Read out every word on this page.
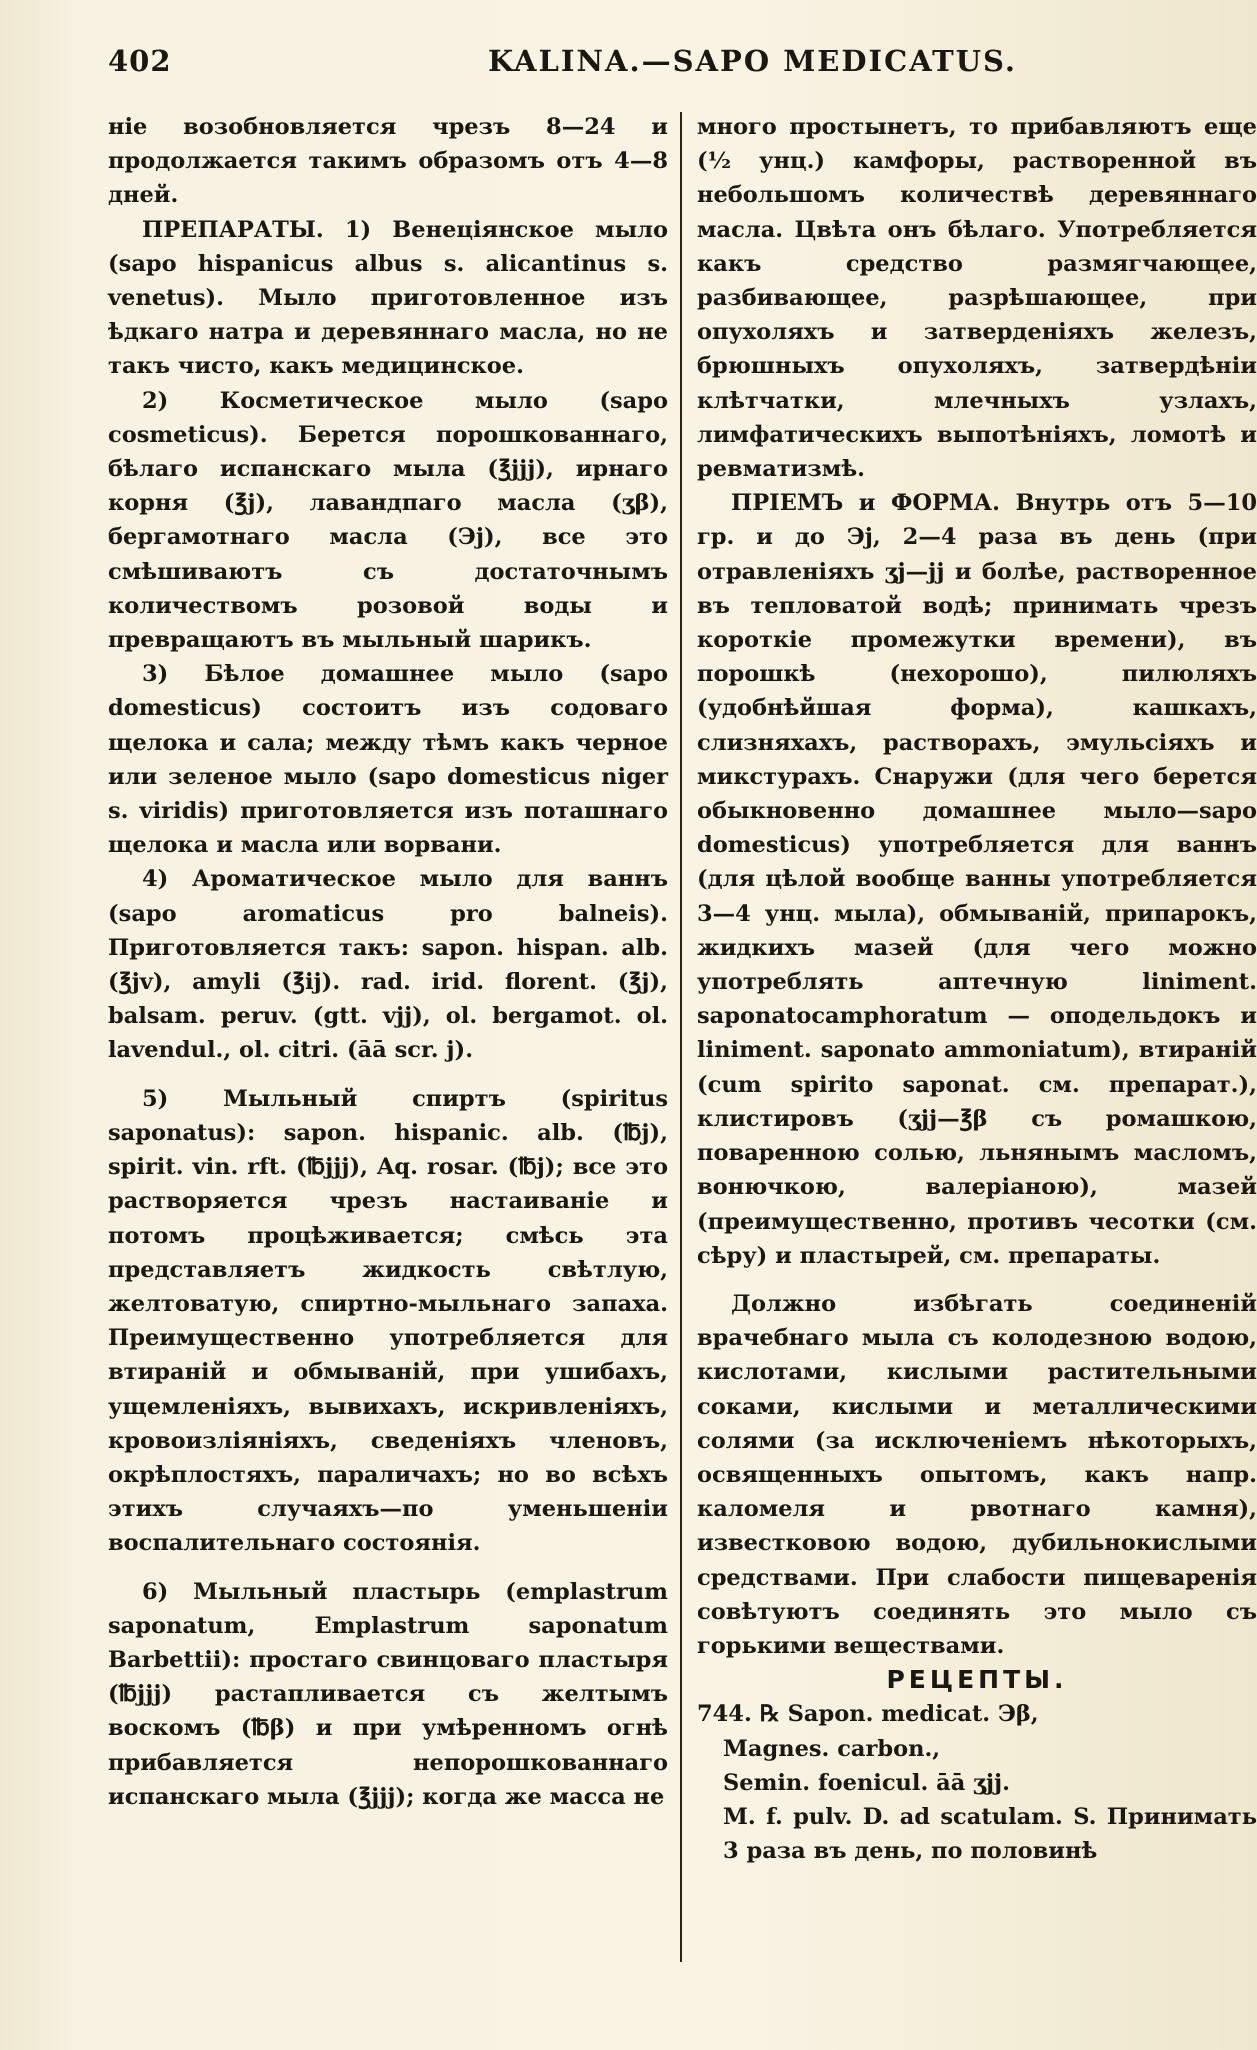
402	KALINA.—SAPO MEDICATUS.

ніе возобновляется чрезъ 8—24 и продолжается такимъ образомъ отъ 4—8 дней.

ПРЕПАРАТЫ. 1) Венеціянское мыло (sapo hispanicus albus s. alicantinus s. venetus). Мыло приготовленное изъ ѣдкаго натра и деревяннаго масла, но не такъ чисто, какъ медицинское.

2) Косметическое мыло (sapo cosmeticus). Берется порошкованнаго, бѣлаго испанскаго мыла (℥jjj), ирнаго корня (℥j), лавандпаго масла (ʒβ), бергамотнаго масла (Эj), все это смѣшиваютъ съ достаточнымъ количествомъ розовой воды и превращаютъ въ мыльный шарикъ.

3) Бѣлое домашнее мыло (sapo domesticus) состоитъ изъ содоваго щелока и сала; между тѣмъ какъ черное или зеленое мыло (sapo domesticus niger s. viridis) приготовляется изъ поташнаго щелока и масла или ворвани.

4) Ароматическое мыло для ваннъ (sapo aromaticus pro balneis). Приготовляется такъ: sapon. hispan. alb. (℥jv), amyli (℥ij). rad. irid. florent. (℥j), balsam. peruv. (gtt. vjj), ol. bergamot. ol. lavendul., ol. citri. (āā scr. j).

5) Мыльный спиртъ (spiritus saponatus): sapon. hispanic. alb. (℔j), spirit. vin. rft. (℔jjj), Aq. rosar. (℔j); все это растворяется чрезъ настаиваніе и потомъ процѣживается; смѣсь эта представляетъ жидкость свѣтлую, желтоватую, спиртно-мыльнаго запаха. Преимущественно употребляется для втираній и обмываній, при ушибахъ, ущемленіяхъ, вывихахъ, искривленіяхъ, кровоизліяніяхъ, сведеніяхъ членовъ, окрѣплостяхъ, параличахъ; но во всѣхъ этихъ случаяхъ—по уменьшеніи воспалительнаго состоянія.

6) Мыльный пластырь (emplastrum saponatum, Emplastrum saponatum Barbettii): простаго свинцоваго пластыря (℔jjj) растапливается съ желтымъ воскомъ (℔β) и при умѣренномъ огнѣ прибавляется непорошкованнаго испанскаго мыла (℥jjj); когда же масса не

много простынетъ, то прибавляютъ еще (½ унц.) камфоры, растворенной въ небольшомъ количествѣ деревяннаго масла. Цвѣта онъ бѣлаго. Употребляется какъ средство размягчающее, разбивающее, разрѣшающее, при опухоляхъ и затверденіяхъ железъ, брюшныхъ опухоляхъ, затвердѣніи клѣтчатки, млечныхъ узлахъ, лимфатическихъ выпотѣніяхъ, ломотѣ и ревматизмѣ.

ПРІЕМЪ и ФОРМА. Внутрь отъ 5—10 гр. и до Эj, 2—4 раза въ день (при отравленіяхъ ʒj—jj и болѣе, растворенное въ тепловатой водѣ; принимать чрезъ короткіе промежутки времени), въ порошкѣ (нехорошо), пилюляхъ (удобнѣйшая форма), кашкахъ, слизняхахъ, растворахъ, эмульсіяхъ и микстурахъ. Снаружи (для чего берется обыкновенно домашнее мыло—sapo domesticus) употребляется для ваннъ (для цѣлой вообще ванны употребляется 3—4 унц. мыла), обмываній, припарокъ, жидкихъ мазей (для чего можно употреблять аптечную liniment. saponatocamphoratum — оподельдокъ и liniment. saponato ammoniatum), втираній (cum spirito saponat. см. препарат.), клистировъ (ʒjj—℥β съ ромашкою, поваренною солью, льнянымъ масломъ, вонючкою, валеріаною), мазей (преимущественно, противъ чесотки (см. сѣру) и пластырей, см. препараты.

Должно избѣгать соединеній врачебнаго мыла съ колодезною водою, кислотами, кислыми растительными соками, кислыми и металлическими солями (за исключеніемъ нѣкоторыхъ, освященныхъ опытомъ, какъ напр. каломеля и рвотнаго камня), известковою водою, дубильнокислыми средствами. При слабости пищеваренія совѣтуютъ соединять это мыло съ горькими веществами.

РЕЦЕПТЫ.

744. ℞ Sapon. medicat. Эβ,

Magnes. carbon.,

Semin. foenicul. āā ʒjj.

M. f. pulv. D. ad scatulam. S. Принимать 3 раза въ день, по половинѣ
